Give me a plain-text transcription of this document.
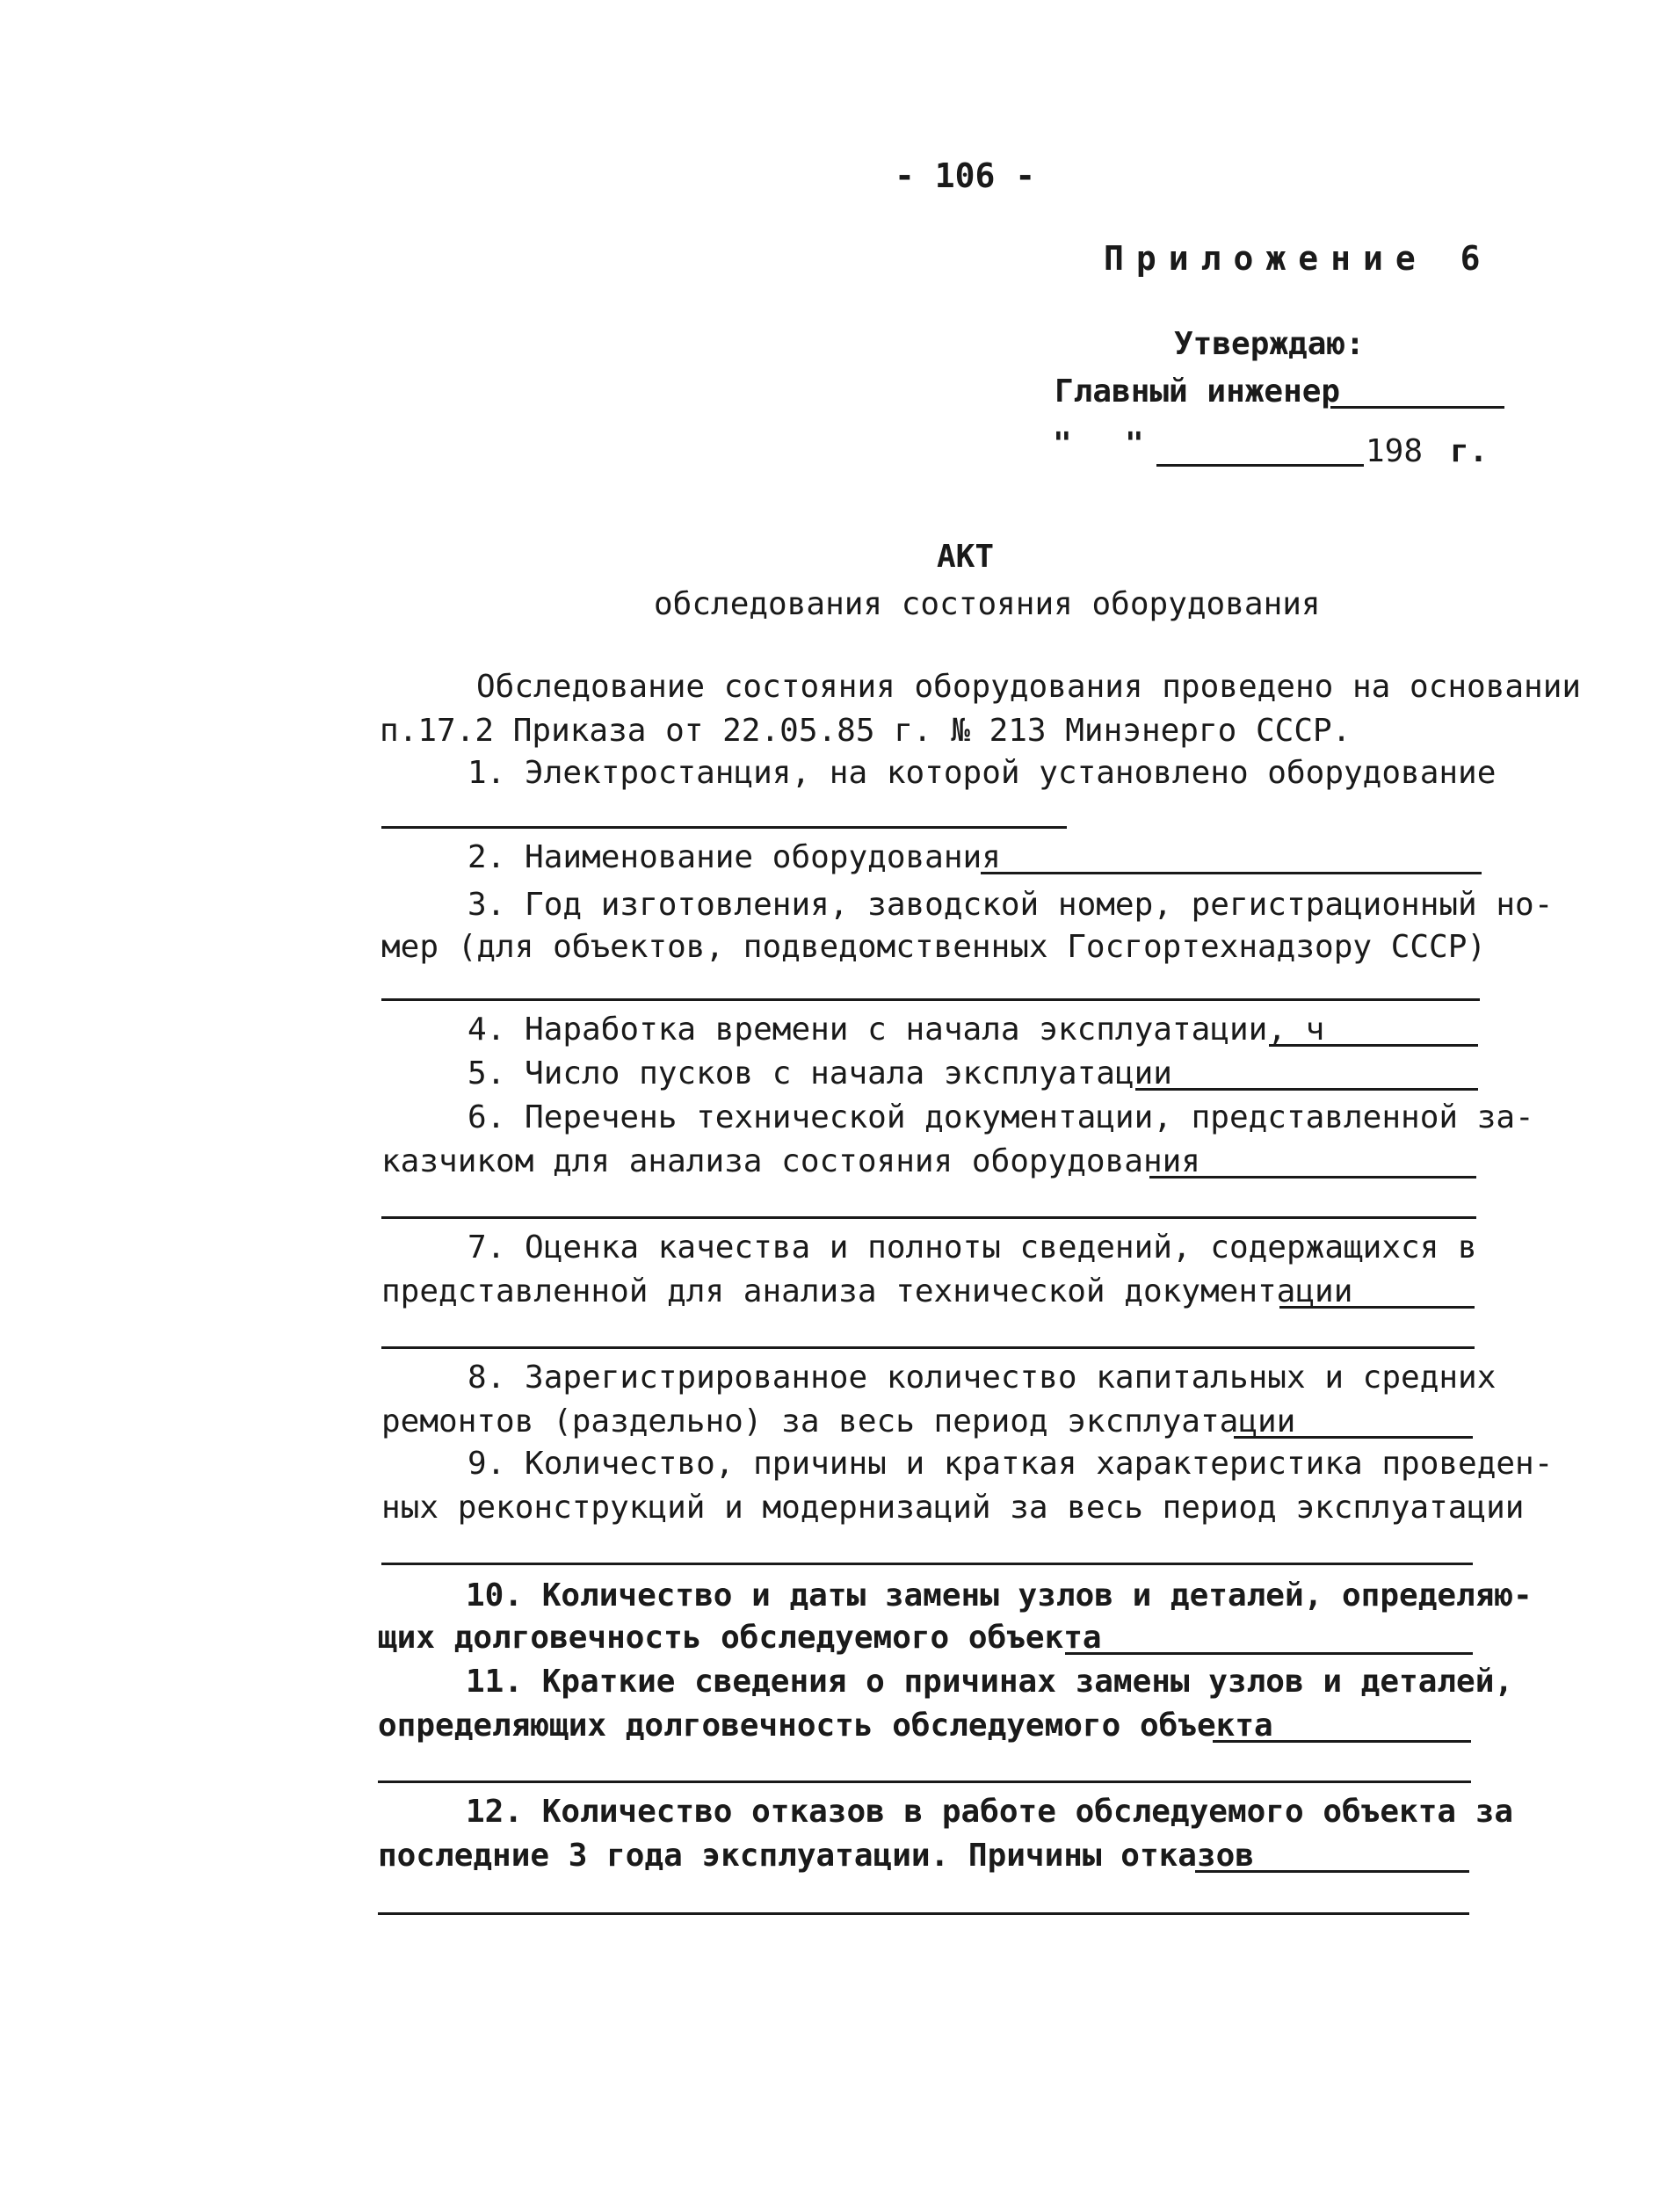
- 106 -
Приложение 6
Утверждаю:
Главный инженер
" "	198 г.
АКТ
обследования состояния оборудования
Обследование состояния оборудования проведено на основании
п.17.2 Приказа от 22.05.85 г. № 213 Минэнерго СССР.
1. Электростанция, на которой установлено оборудование
2. Наименование оборудования
3. Год изготовления, заводской номер, регистрационный но-
мер (для объектов, подведомственных Госгортехнадзору СССР)
4. Наработка времени с начала эксплуатации, ч
5. Число пусков с начала эксплуатации
6. Перечень технической документации, представленной за-
казчиком для анализа состояния оборудования
7. Оценка качества и полноты сведений, содержащихся в
представленной для анализа технической документации
8. Зарегистрированное количество капитальных и средних
ремонтов (раздельно) за весь период эксплуатации
9. Количество, причины и краткая характеристика проведен-
ных реконструкций и модернизаций за весь период эксплуатации
10. Количество и даты замены узлов и деталей, определяю-
щих долговечность обследуемого объекта
11. Краткие сведения о причинах замены узлов и деталей,
определяющих долговечность обследуемого объекта
12. Количество отказов в работе обследуемого объекта за
последние 3 года эксплуатации. Причины отказов
